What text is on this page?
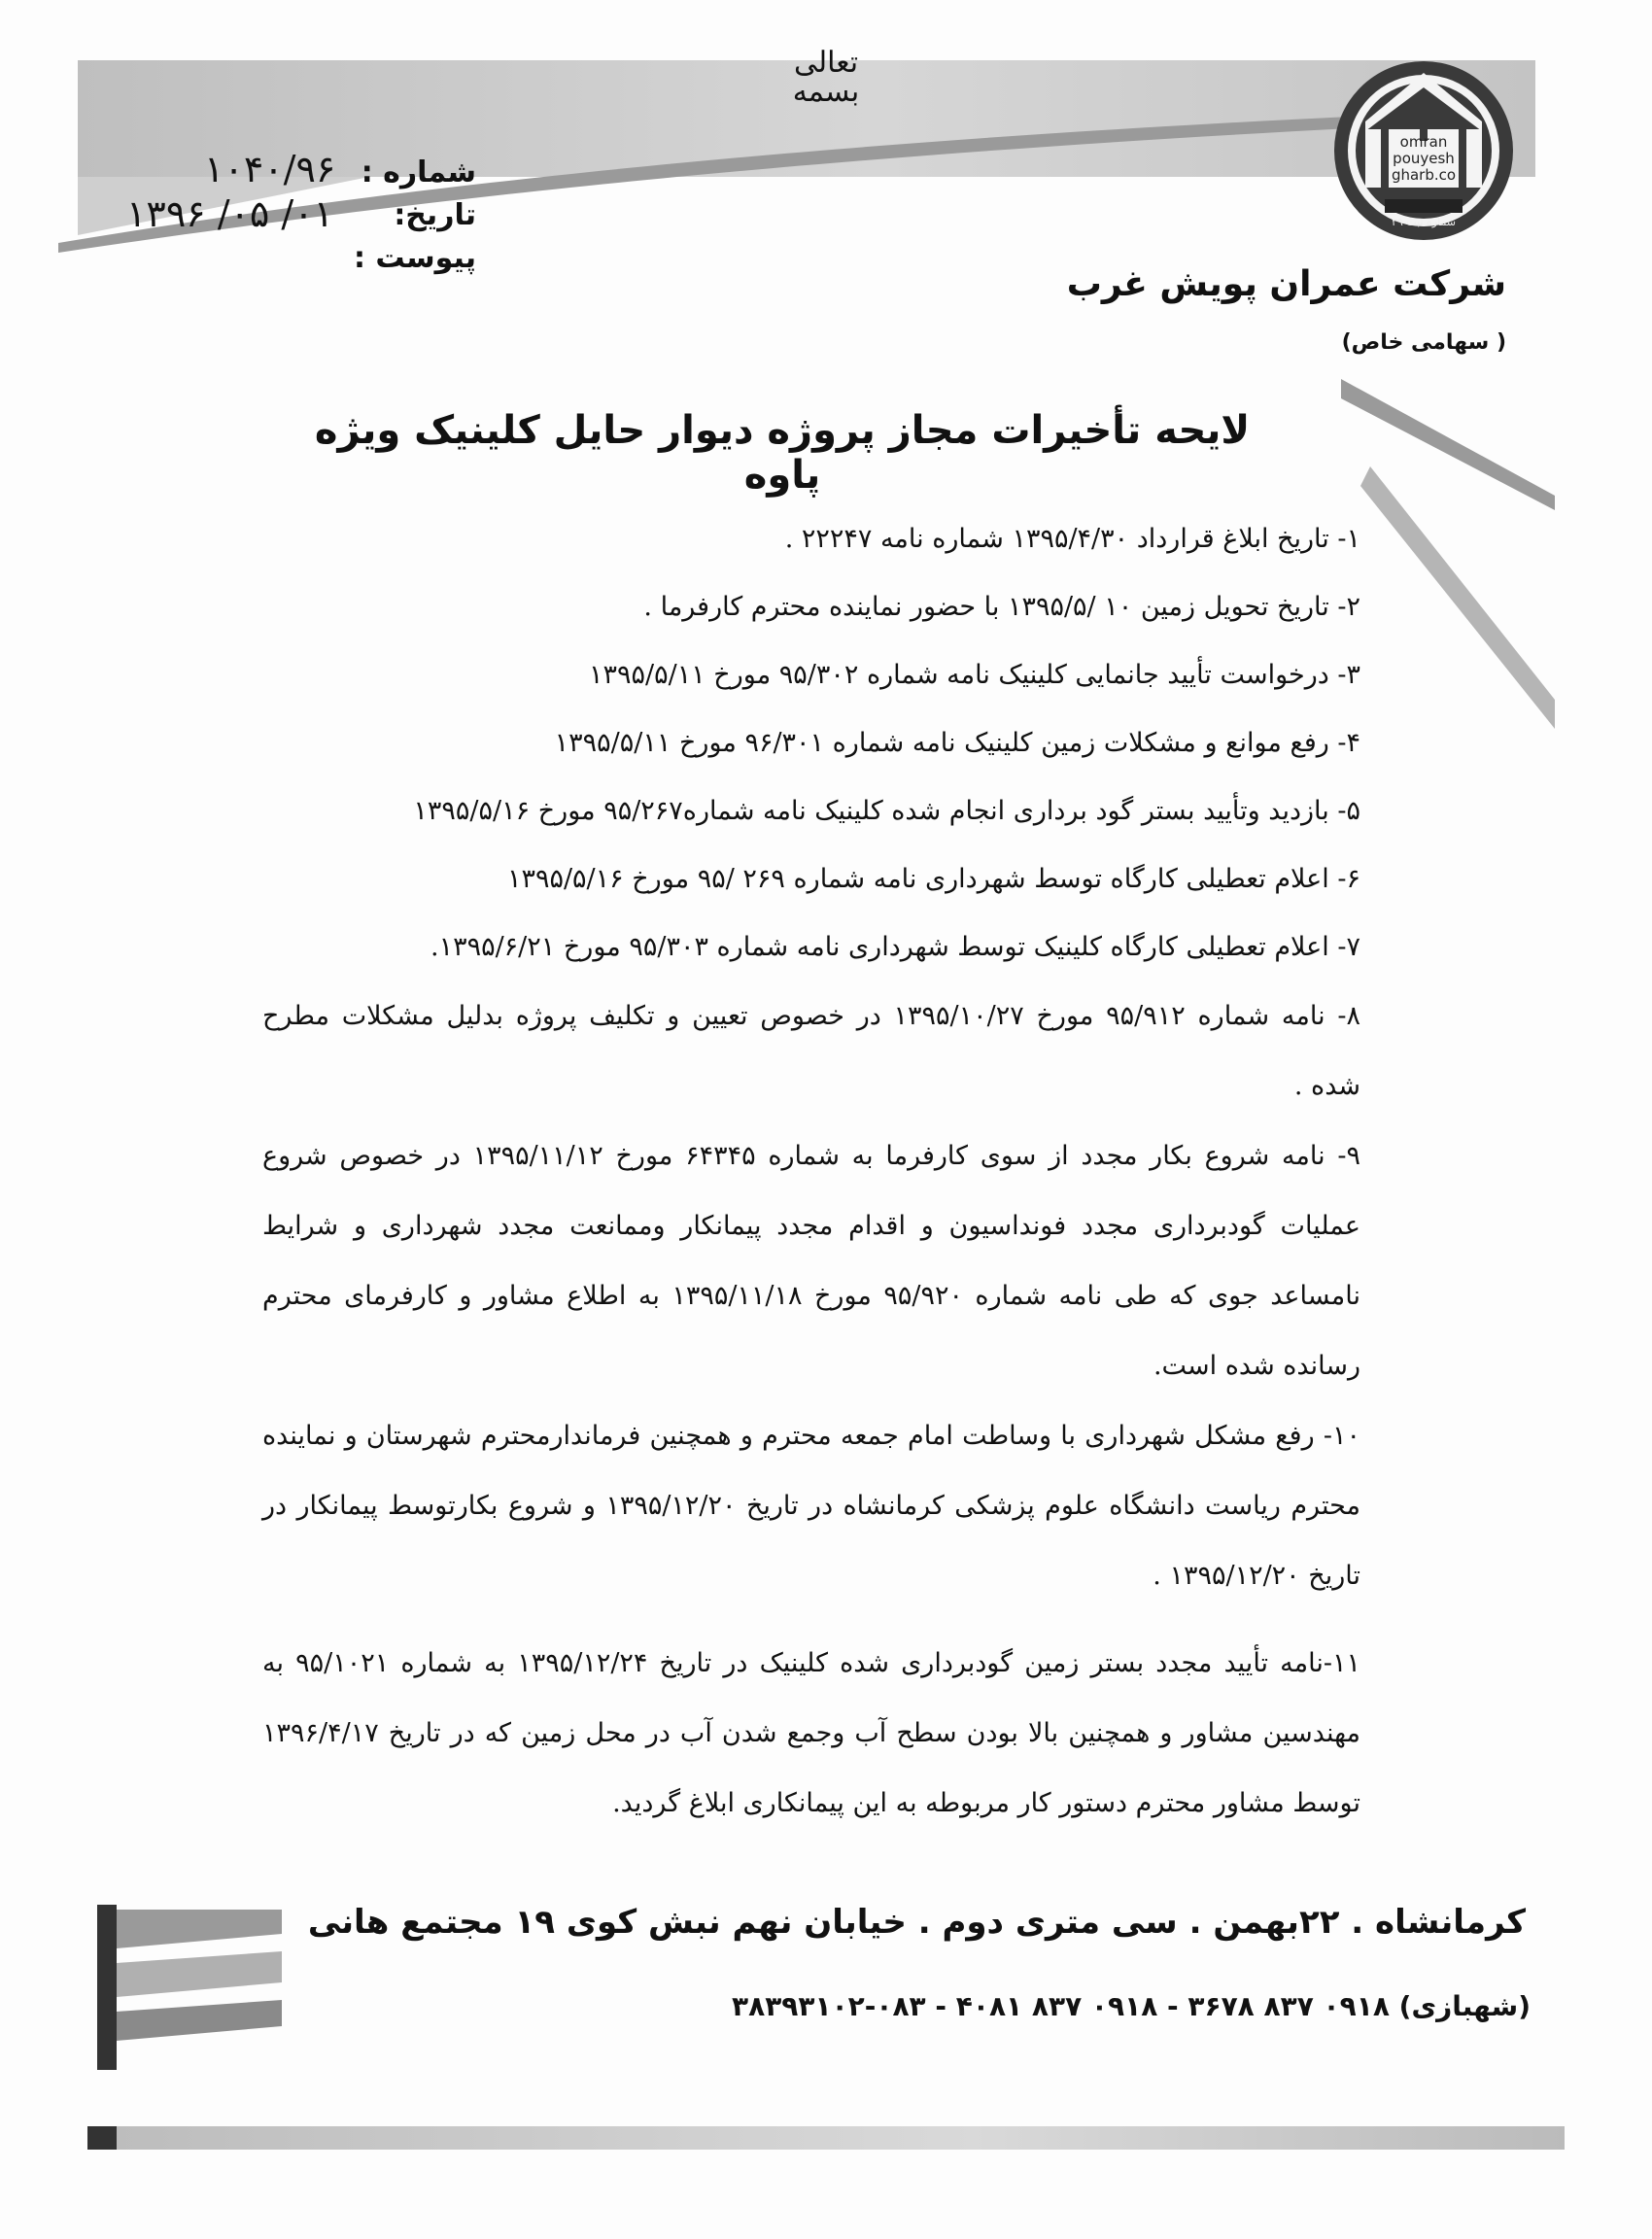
تعالی
بسمه
omran
pouyesh
gharb.co
شماره ثبت ۳۹
شرکت عمران پویش غرب
( سهامی خاص)
شماره :
۱۰۴۰/۹۶
تاریخ:
۱۳۹۶ /۰۵ /۰۱
پیوست :
لایحه تأخیرات مجاز پروژه دیوار حایل کلینیک ویژه پاوه

۱- تاریخ ابلاغ قرارداد ۱۳۹۵/۴/۳۰ شماره نامه ۲۲۲۴۷ .

۲- تاریخ تحویل زمین ۱۰ /۱۳۹۵/۵ با حضور نماینده محترم کارفرما .

۳- درخواست تأیید جانمایی کلینیک نامه شماره ۹۵/۳۰۲ مورخ ۱۳۹۵/۵/۱۱

۴- رفع موانع و مشکلات زمین کلینیک نامه شماره ۹۶/۳۰۱ مورخ ۱۳۹۵/۵/۱۱

۵- بازدید وتأیید بستر گود برداری انجام شده کلینیک نامه شماره۹۵/۲۶۷ مورخ ۱۳۹۵/۵/۱۶

۶- اعلام تعطیلی کارگاه توسط شهرداری نامه شماره ۲۶۹ /۹۵ مورخ ۱۳۹۵/۵/۱۶

۷- اعلام تعطیلی کارگاه کلینیک توسط شهرداری نامه شماره ۹۵/۳۰۳ مورخ ۱۳۹۵/۶/۲۱.

۸- نامه شماره ۹۵/۹۱۲ مورخ ۱۳۹۵/۱۰/۲۷ در خصوص تعیین و تکلیف پروژه بدلیل مشکلات مطرح شده .

۹- نامه شروع بکار مجدد از سوی کارفرما به شماره ۶۴۳۴۵ مورخ ۱۳۹۵/۱۱/۱۲ در خصوص شروع عملیات گودبرداری مجدد فونداسیون و اقدام مجدد پیمانکار وممانعت مجدد شهرداری و شرایط نامساعد جوی که طی نامه شماره ۹۵/۹۲۰ مورخ ۱۳۹۵/۱۱/۱۸ به اطلاع مشاور و کارفرمای محترم رسانده شده است.

۱۰- رفع مشکل شهرداری با وساطت امام جمعه محترم و همچنین فرماندارمحترم شهرستان و نماینده محترم ریاست دانشگاه علوم پزشکی کرمانشاه در تاریخ ۱۳۹۵/۱۲/۲۰ و شروع بکارتوسط پیمانکار در تاریخ ۱۳۹۵/۱۲/۲۰ .

۱۱-نامه تأیید مجدد بستر زمین گودبرداری شده کلینیک در تاریخ ۱۳۹۵/۱۲/۲۴ به شماره ۹۵/۱۰۲۱ به مهندسین مشاور و همچنین بالا بودن سطح آب وجمع شدن آب در محل زمین که در تاریخ ۱۳۹۶/۴/۱۷ توسط مشاور محترم دستور کار مربوطه به این پیمانکاری ابلاغ گردید.

کرمانشاه . ۲۲بهمن . سی متری دوم . خیابان نهم نبش کوی ۱۹ مجتمع هانی
(شهبازی) ۰۹۱۸ ۸۳۷ ۳۶۷۸ - ۰۹۱۸ ۸۳۷ ۴۰۸۱ - ۰۸۳-۳۸۳۹۳۱۰۲
